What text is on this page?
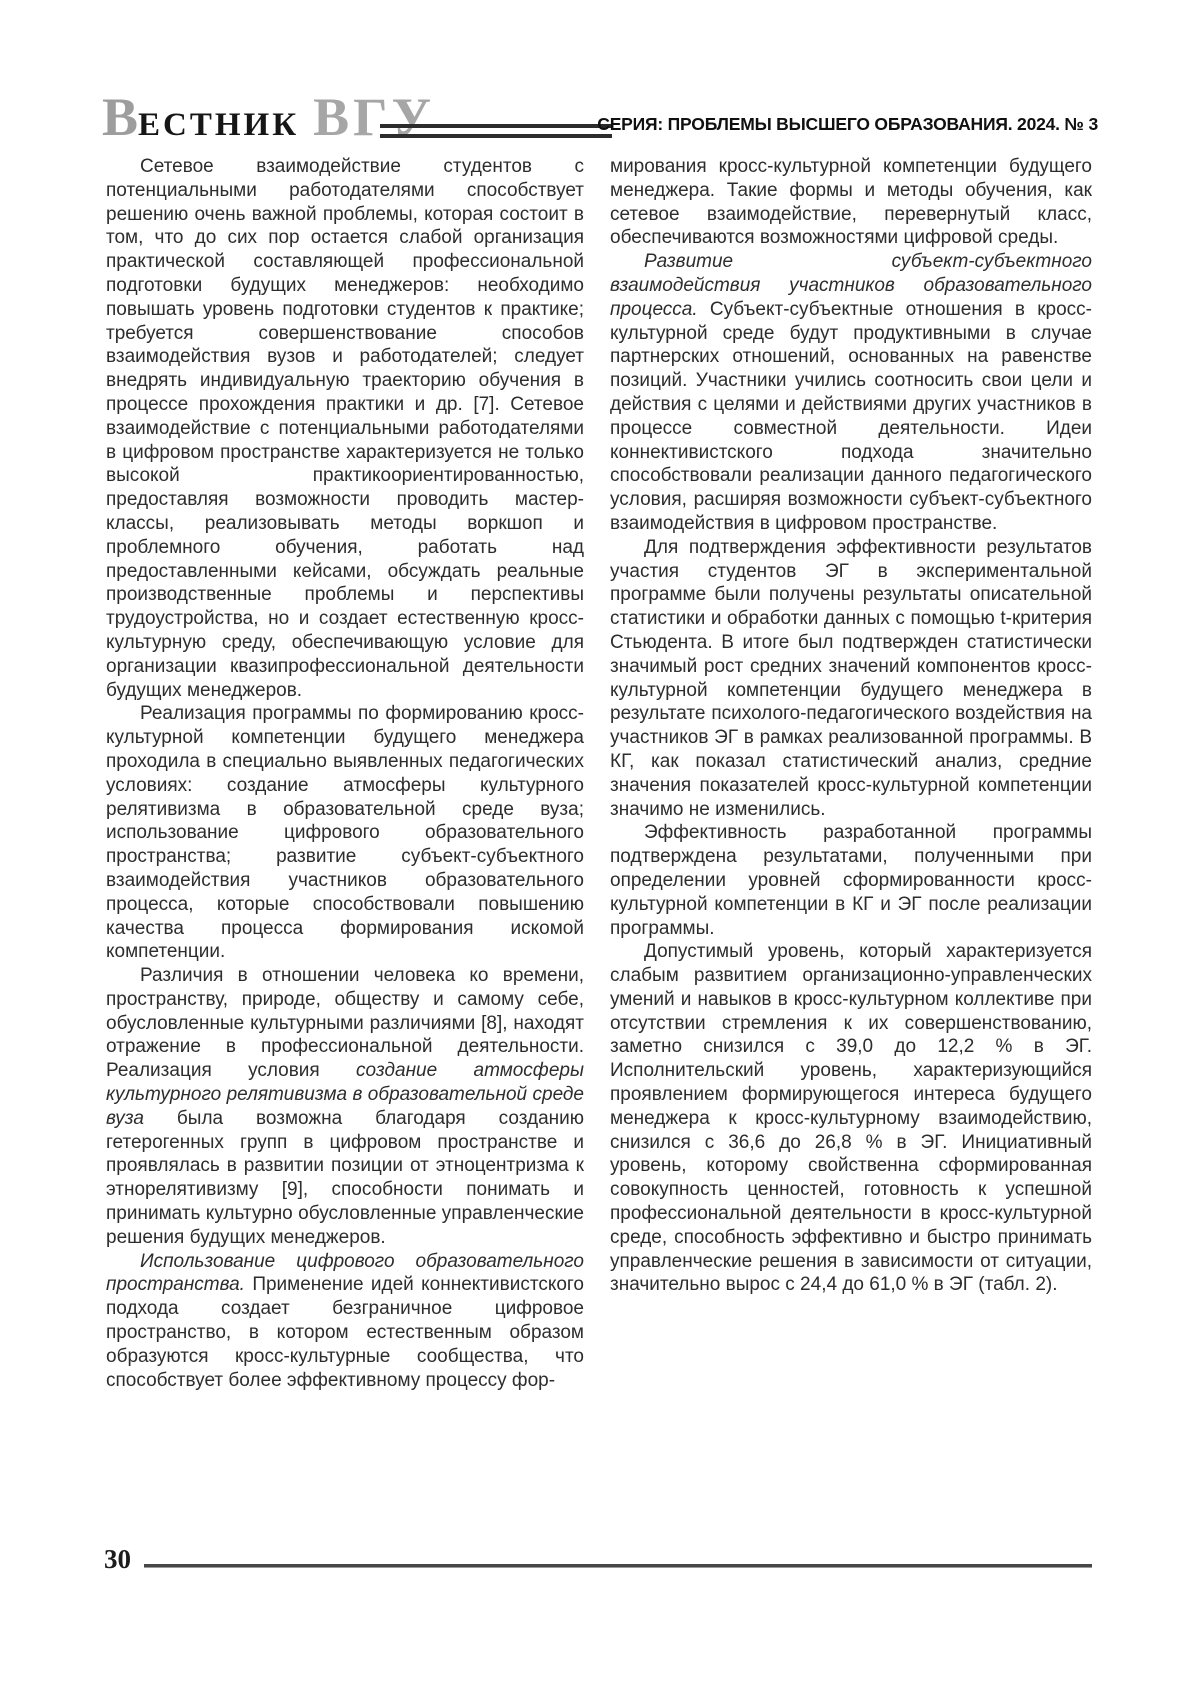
ВЕСТНИК ВГУ	СЕРИЯ: ПРОБЛЕМЫ ВЫСШЕГО ОБРАЗОВАНИЯ. 2024. № 3

Сетевое взаимодействие студентов с потенциальными работодателями способствует решению очень важной проблемы, которая состоит в том, что до сих пор остается слабой организация практической составляющей профессиональной подготовки будущих менеджеров: необходимо повышать уровень подготовки студентов к практике; требуется совершенствование способов взаимодействия вузов и работодателей; следует внедрять индивидуальную траекторию обучения в процессе прохождения практики и др. [7]. Сетевое взаимодействие с потенциальными работодателями в цифровом пространстве характеризуется не только высокой практикоориентированностью, предоставляя возможности проводить мастер-классы, реализовывать методы воркшоп и проблемного обучения, работать над предоставленными кейсами, обсуждать реальные производственные проблемы и перспективы трудоустройства, но и создает естественную кросс-культурную среду, обеспечивающую условие для организации квазипрофессиональной деятельности будущих менеджеров.

Реализация программы по формированию кросс-культурной компетенции будущего менеджера проходила в специально выявленных педагогических условиях: создание атмосферы культурного релятивизма в образовательной среде вуза; использование цифрового образовательного пространства; развитие субъект-субъектного взаимодействия участников образовательного процесса, которые способствовали повышению качества процесса формирования искомой компетенции.

Различия в отношении человека ко времени, пространству, природе, обществу и самому себе, обусловленные культурными различиями [8], находят отражение в профессиональной деятельности. Реализация условия создание атмосферы культурного релятивизма в образовательной среде вуза была возможна благодаря созданию гетерогенных групп в цифровом пространстве и проявлялась в развитии позиции от этноцентризма к этнорелятивизму [9], способности понимать и принимать культурно обусловленные управленческие решения будущих менеджеров.

Использование цифрового образовательного пространства. Применение идей коннективистского подхода создает безграничное цифровое пространство, в котором естественным образом образуются кросс-культурные сообщества, что способствует более эффективному процессу фор-

мирования кросс-культурной компетенции будущего менеджера. Такие формы и методы обучения, как сетевое взаимодействие, перевернутый класс, обеспечиваются возможностями цифровой среды.

Развитие субъект-субъектного взаимодействия участников образовательного процесса. Субъект-субъектные отношения в кросс-культурной среде будут продуктивными в случае партнерских отношений, основанных на равенстве позиций. Участники учились соотносить свои цели и действия с целями и действиями других участников в процессе совместной деятельности. Идеи коннективистского подхода значительно способствовали реализации данного педагогического условия, расширяя возможности субъект-субъектного взаимодействия в цифровом пространстве.

Для подтверждения эффективности результатов участия студентов ЭГ в экспериментальной программе были получены результаты описательной статистики и обработки данных с помощью t-критерия Стьюдента. В итоге был подтвержден статистически значимый рост средних значений компонентов кросс-культурной компетенции будущего менеджера в результате психолого-педагогического воздействия на участников ЭГ в рамках реализованной программы. В КГ, как показал статистический анализ, средние значения показателей кросс-культурной компетенции значимо не изменились.

Эффективность разработанной программы подтверждена результатами, полученными при определении уровней сформированности кросс-культурной компетенции в КГ и ЭГ после реализации программы.

Допустимый уровень, который характеризуется слабым развитием организационно-управленческих умений и навыков в кросс-культурном коллективе при отсутствии стремления к их совершенствованию, заметно снизился с 39,0 до 12,2 % в ЭГ. Исполнительский уровень, характеризующийся проявлением формирующегося интереса будущего менеджера к кросс-культурному взаимодействию, снизился с 36,6 до 26,8 % в ЭГ. Инициативный уровень, которому свойственна сформированная совокупность ценностей, готовность к успешной профессиональной деятельности в кросс-культурной среде, способность эффективно и быстро принимать управленческие решения в зависимости от ситуации, значительно вырос с 24,4 до 61,0 % в ЭГ (табл. 2).

30
